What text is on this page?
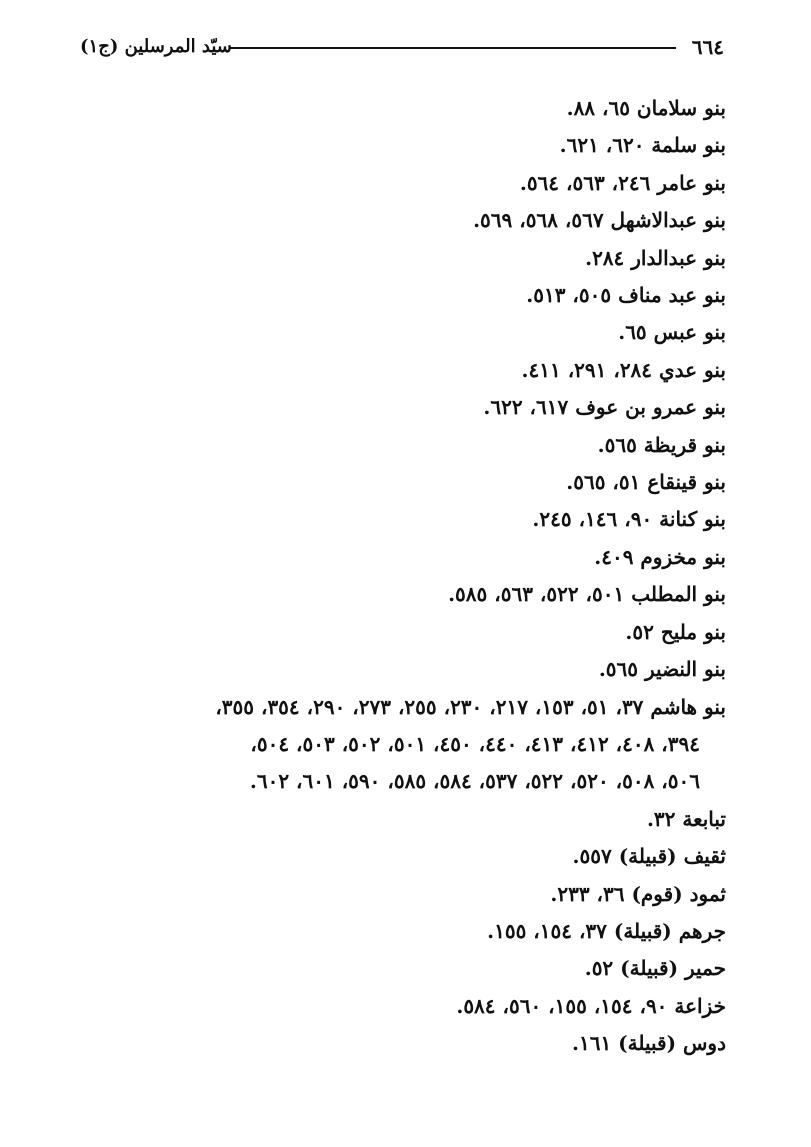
٦٦٤
سيّد المرسلين (ج١)
بنو سلامان ٦٥، ٨٨.
بنو سلمة ٦٢٠، ٦٢١.
بنو عامر ٢٤٦، ٥٦٣، ٥٦٤.
بنو عبدالاشهل ٥٦٧، ٥٦٨، ٥٦٩.
بنو عبدالدار ٢٨٤.
بنو عبد مناف ٥٠٥، ٥١٣.
بنو عبس ٦٥.
بنو عدي ٢٨٤، ٢٩١، ٤١١.
بنو عمرو بن عوف ٦١٧، ٦٢٢.
بنو قريظة ٥٦٥.
بنو قينقاع ٥١، ٥٦٥.
بنو كنانة ٩٠، ١٤٦، ٢٤٥.
بنو مخزوم ٤٠٩.
بنو المطلب ٥٠١، ٥٢٢، ٥٦٣، ٥٨٥.
بنو مليح ٥٢.
بنو النضير ٥٦٥.
بنو هاشم ٣٧، ٥١، ١٥٣، ٢١٧، ٢٣٠، ٢٥٥، ٢٧٣، ٢٩٠، ٣٥٤، ٣٥٥،
٣٩٤، ٤٠٨، ٤١٢، ٤١٣، ٤٤٠، ٤٥٠، ٥٠١، ٥٠٢، ٥٠٣، ٥٠٤،
٥٠٦، ٥٠٨، ٥٢٠، ٥٢٢، ٥٣٧، ٥٨٤، ٥٨٥، ٥٩٠، ٦٠١، ٦٠٢.
تبابعة ٣٢.
ثقيف (قبيلة) ٥٥٧.
ثمود (قوم) ٣٦، ٢٣٣.
جرهم (قبيلة) ٣٧، ١٥٤، ١٥٥.
حمير (قبيلة) ٥٢.
خزاعة ٩٠، ١٥٤، ١٥٥، ٥٦٠، ٥٨٤.
دوس (قبيلة) ١٦١.
